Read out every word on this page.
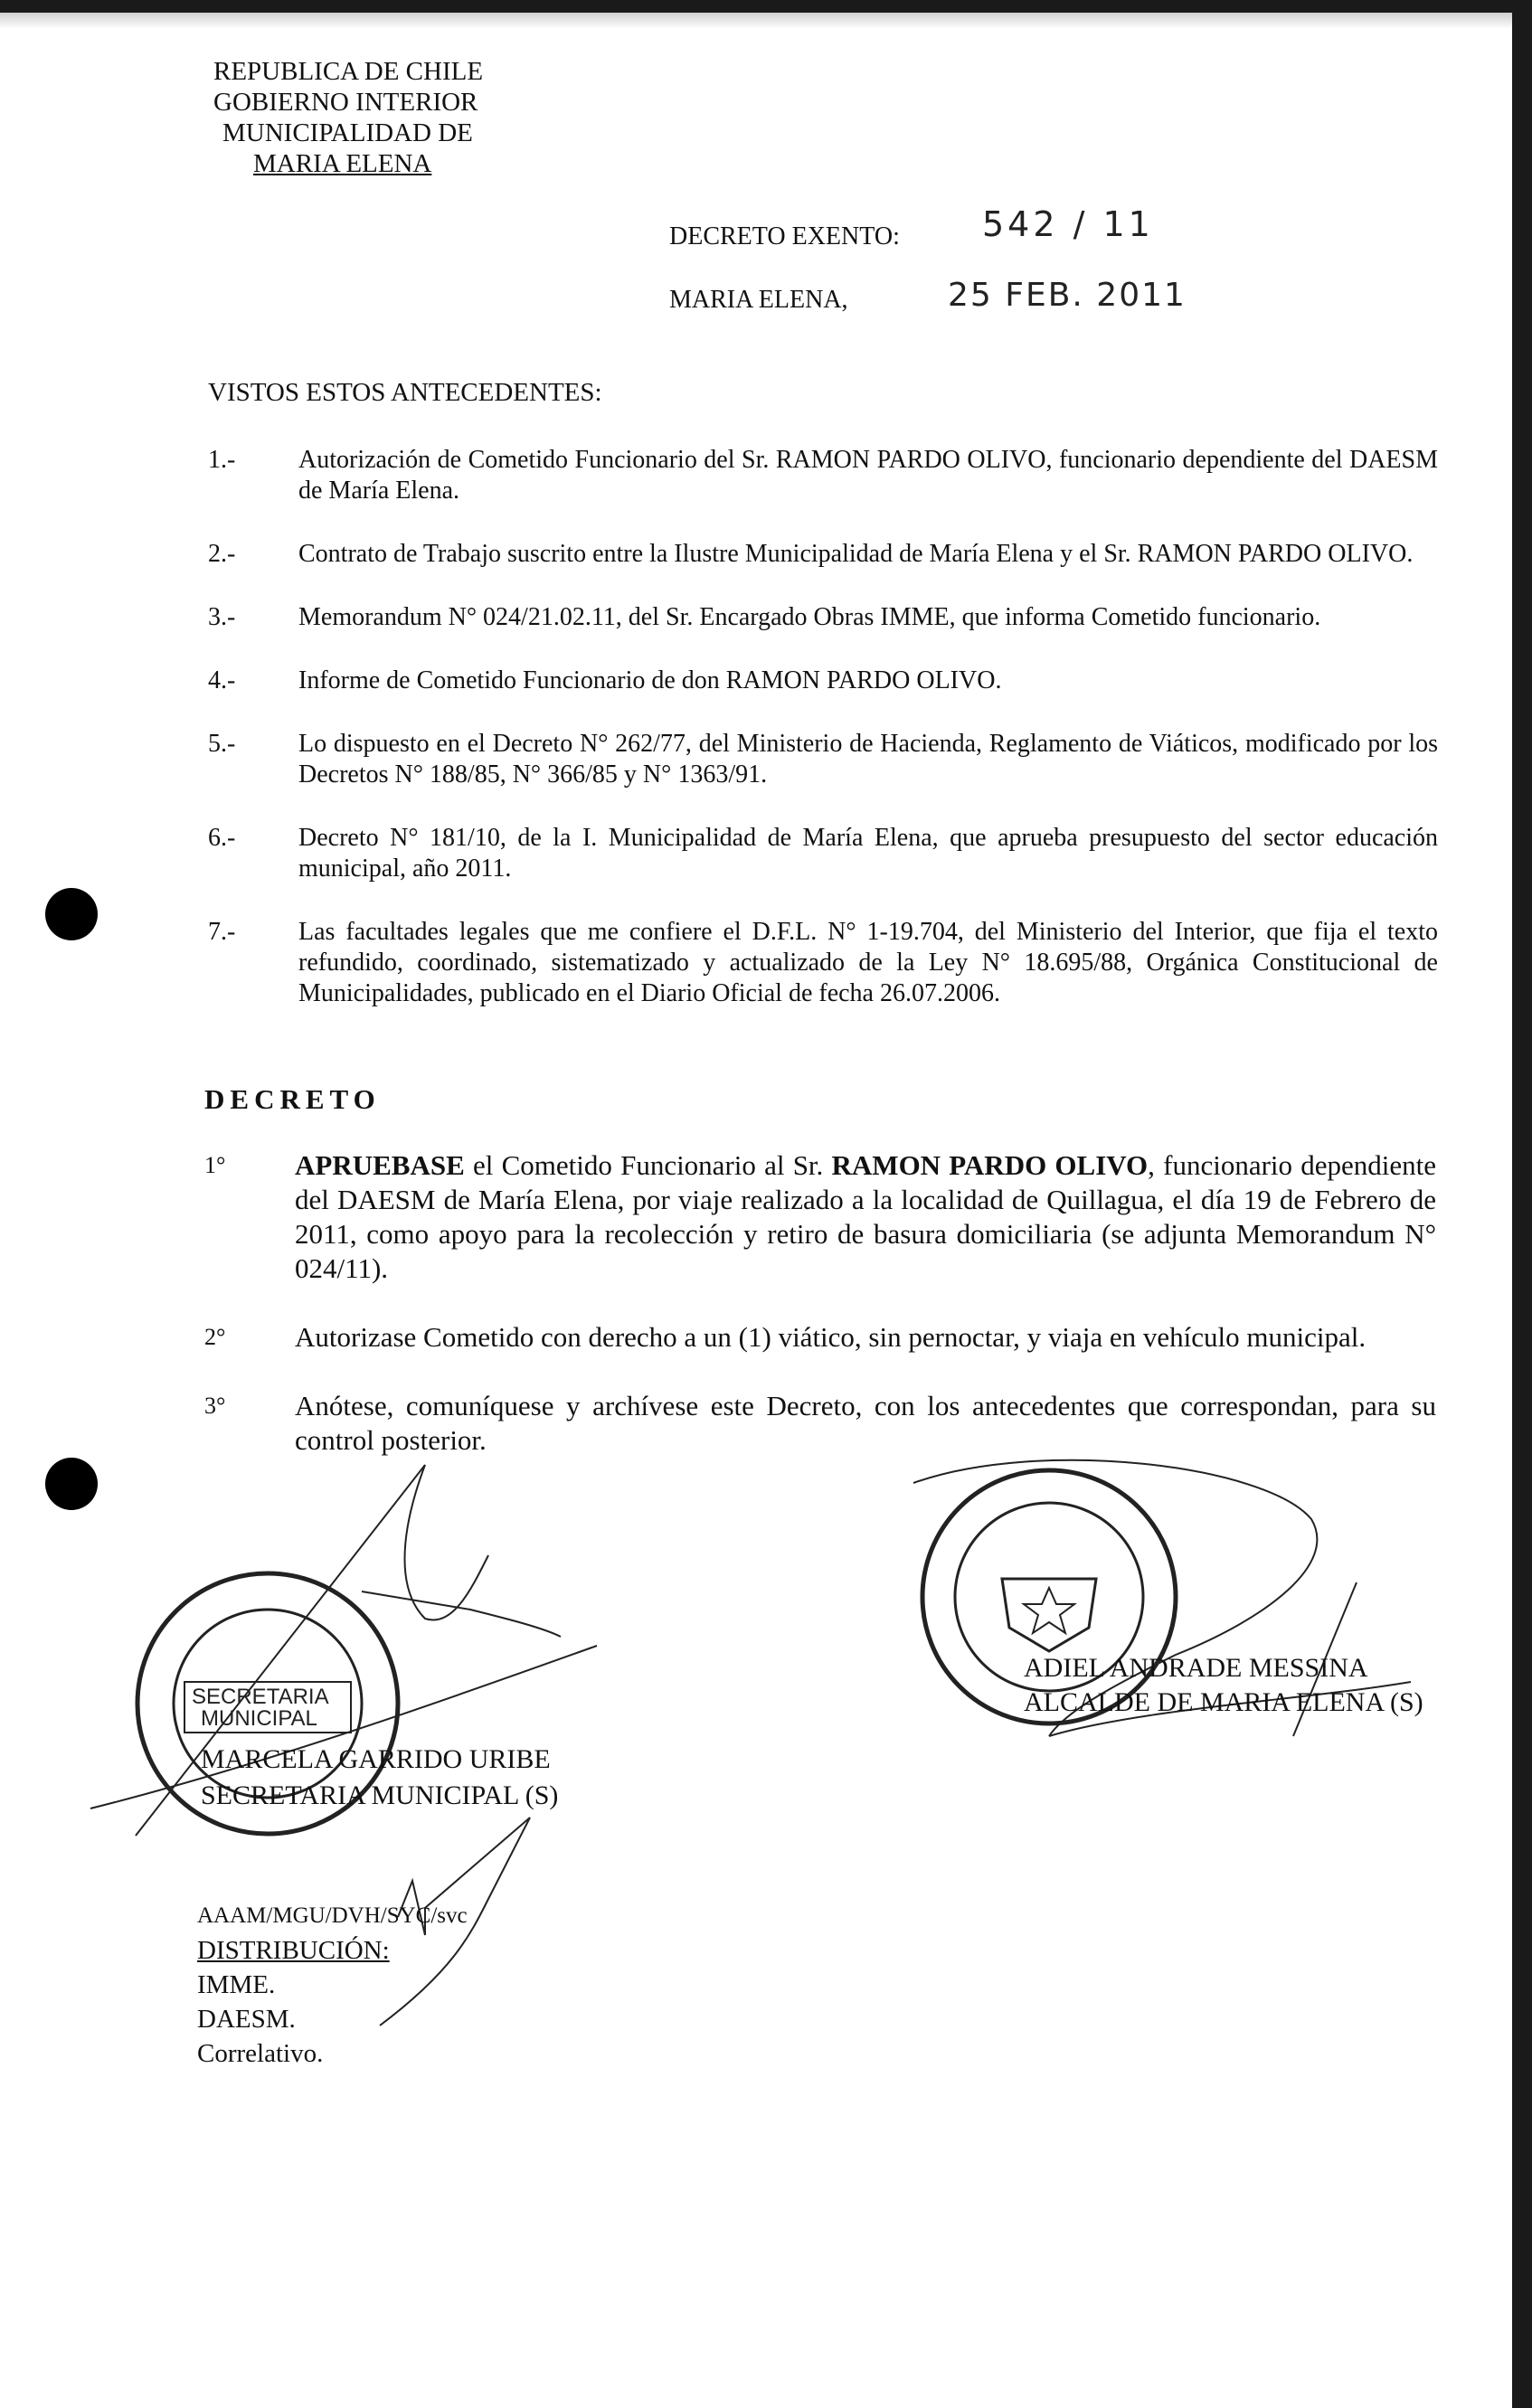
REPUBLICA DE CHILE
GOBIERNO INTERIOR
MUNICIPALIDAD DE
MARIA ELENA
DECRETO EXENTO: 542 / 11
MARIA ELENA,	25 FEB. 2011
VISTOS ESTOS ANTECEDENTES:
1.-	Autorización de Cometido Funcionario del Sr. RAMON PARDO OLIVO, funcionario dependiente del DAESM de María Elena.
2.-	Contrato de Trabajo suscrito entre la Ilustre Municipalidad de María Elena y el Sr. RAMON PARDO OLIVO.
3.-	Memorandum N° 024/21.02.11, del Sr. Encargado Obras IMME, que informa Cometido funcionario.
4.-	Informe de Cometido Funcionario de don RAMON PARDO OLIVO.
5.-	Lo dispuesto en el Decreto N° 262/77, del Ministerio de Hacienda, Reglamento de Viáticos, modificado por los Decretos N° 188/85, N° 366/85 y N° 1363/91.
6.-	Decreto N° 181/10, de la I. Municipalidad de María Elena, que aprueba presupuesto del sector educación municipal, año 2011.
7.-	Las facultades legales que me confiere el D.F.L. N° 1-19.704, del Ministerio del Interior, que fija el texto refundido, coordinado, sistematizado y actualizado de la Ley N° 18.695/88, Orgánica Constitucional de Municipalidades, publicado en el Diario Oficial de fecha 26.07.2006.
DECRETO
1°	APRUEBASE el Cometido Funcionario al Sr. RAMON PARDO OLIVO, funcionario dependiente del DAESM de María Elena, por viaje realizado a la localidad de Quillagua, el día 19 de Febrero de 2011, como apoyo para la recolección y retiro de basura domiciliaria (se adjunta Memorandum N° 024/11).
2°	Autorizase Cometido con derecho a un (1) viático, sin pernoctar, y viaja en vehículo municipal.
3°	Anótese, comuníquese y archívese este Decreto, con los antecedentes que correspondan, para su control posterior.
SECRETARIA
MUNICIPAL
MARCELA GARRIDO URIBE
SECRETARIA MUNICIPAL (S)
ADIEL ANDRADE MESSINA
ALCALDE DE MARIA ELENA (S)
AAAM/MGU/DVH/SYC/svc
DISTRIBUCIÓN:
IMME.
DAESM.
Correlativo.
